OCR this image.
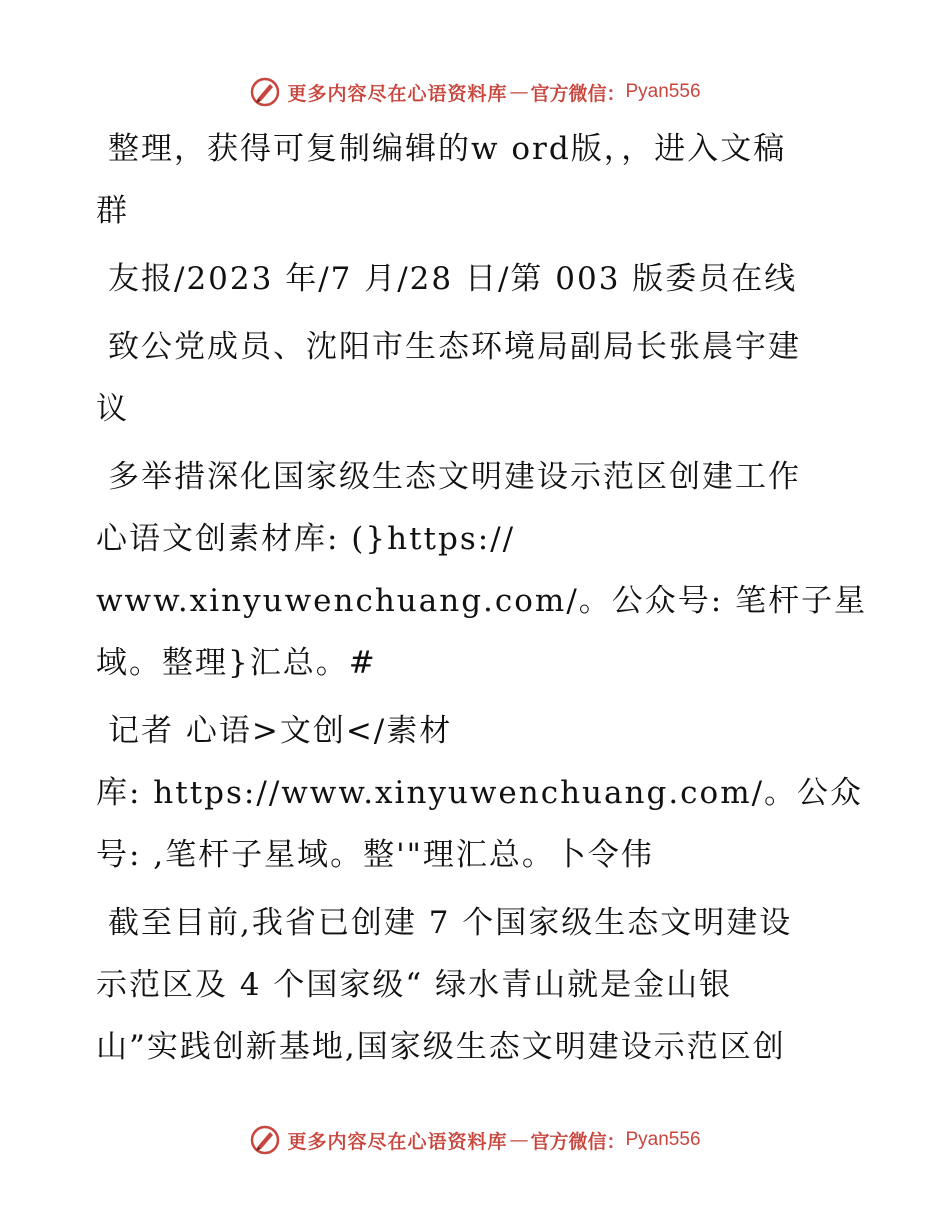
更多内容尽在心语资料库 — 官方微信： Pyan556
整理，获得可复制编辑的w ord版，，进入文稿
群
友报/2023 年/7 月/28 日/第 003 版委员在线
致公党成员、沈阳市生态环境局副局长张晨宇建
议
多举措深化国家级生态文明建设示范区创建工作
心语文创素材库: (}https://
www.xinyuwenchuang.com/。公众号: 笔杆子星
域。整理}汇总。#
记者 心语>文创</素材
库: https://www.xinyuwenchuang.com/。公众
号: ,笔杆子星域。整'"理汇总。卜令伟
截至目前,我省已创建 7 个国家级生态文明建设
示范区及 4 个国家级“ 绿水青山就是金山银
山”实践创新基地,国家级生态文明建设示范区创
更多内容尽在心语资料库 — 官方微信： Pyan556
